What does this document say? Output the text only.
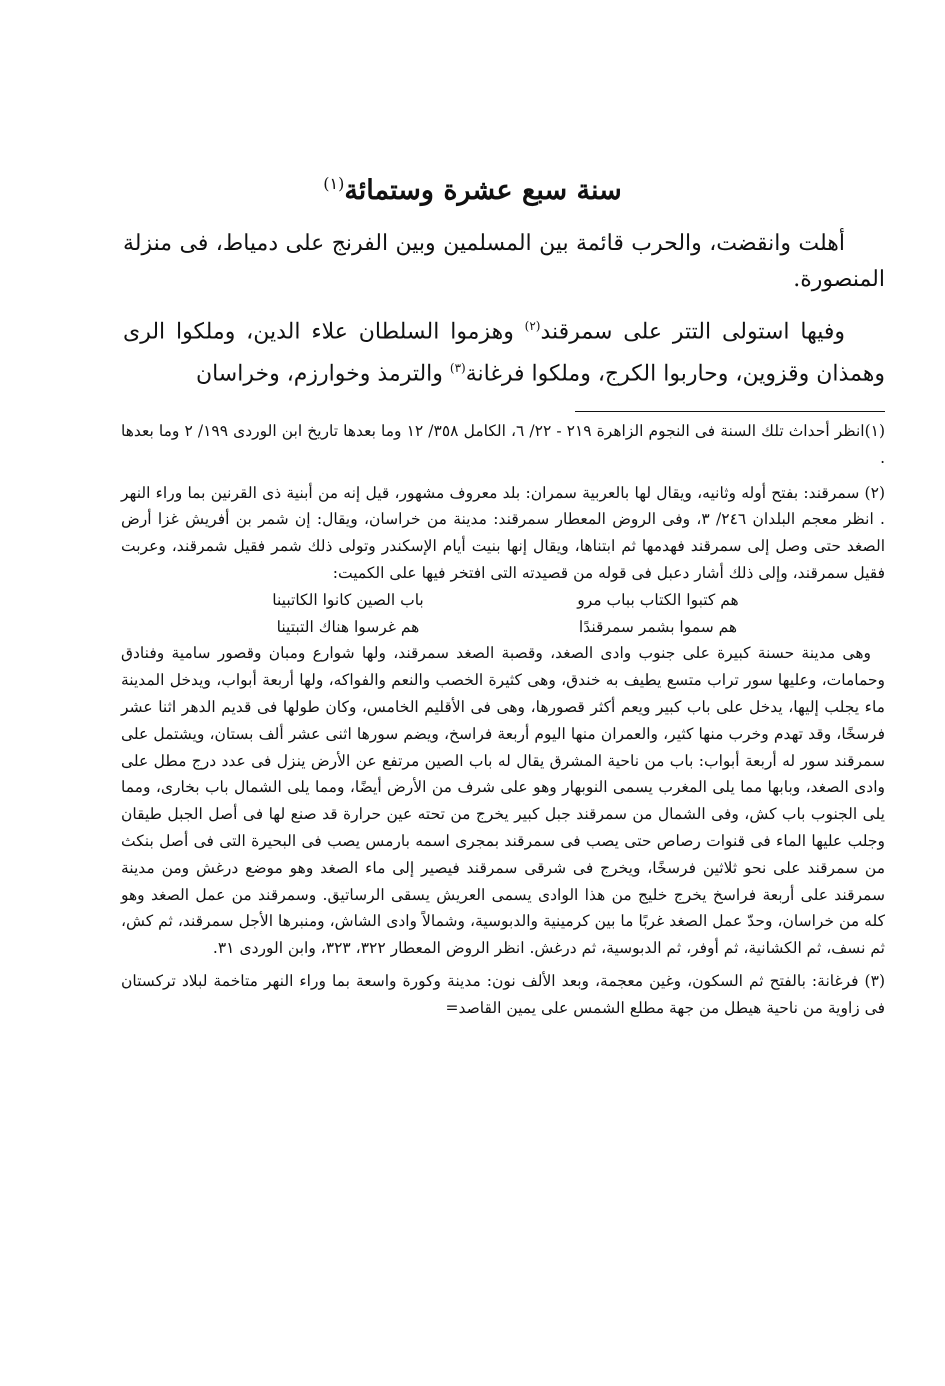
سنة سبع عشرة وستمائة$^{(١)}$

أهلت وانقضت، والحرب قائمة بين المسلمين وبين الفرنج على دمياط، فى منزلة المنصورة.

وفيها استولى التتر على سمرقند$^{(٢)}$ وهزموا السلطان علاء الدين، وملكوا الرى وهمذان وقزوين، وحاربوا الكرج، وملكوا فرغانة$^{(٣)}$ والترمذ وخوارزم، وخراسان

(١)انظر أحداث تلك السنة فى النجوم الزاهرة ٢١٩ - ٢٢/ ٦، الكامل ٣٥٨/ ١٢ وما بعدها تاريخ ابن الوردى ١٩٩/ ٢ وما بعدها .

(٢) سمرقند: بفتح أوله وثانيه، ويقال لها بالعربية سمران: بلد معروف مشهور، قيل إنه من أبنية ذى القرنين بما وراء النهر . انظر معجم البلدان ٢٤٦/ ٣، وفى الروض المعطار سمرقند: مدينة من خراسان، ويقال: إن شمر بن أفريش غزا أرض الصغد حتى وصل إلى سمرقند فهدمها ثم ابتناها، ويقال إنها بنيت أيام الإسكندر وتولى ذلك شمر فقيل شمرقند، وعربت فقيل سمرقند، وإلى ذلك أشار دعبل فى قوله من قصيدته التى افتخر فيها على الكميت:

هم كتبوا الكتاب بباب مرو
باب الصين كانوا الكاتبينا
هم سموا بشمر سمرقندًا
هم غرسوا هناك التبتينا

وهى مدينة حسنة كبيرة على جنوب وادى الصغد، وقصبة الصغد سمرقند، ولها شوارع ومبان وقصور سامية وفنادق وحمامات، وعليها سور تراب متسع يطيف به خندق، وهى كثيرة الخصب والنعم والفواكه، ولها أربعة أبواب، ويدخل المدينة ماء يجلب إليها، يدخل على باب كبير ويعم أكثر قصورها، وهى فى الأقليم الخامس، وكان طولها فى قديم الدهر اثنا عشر فرسخًا، وقد تهدم وخرب منها كثير، والعمران منها اليوم أربعة فراسخ، ويضم سورها اثنى عشر ألف بستان، ويشتمل على سمرقند سور له أربعة أبواب: باب من ناحية المشرق يقال له باب الصين مرتفع عن الأرض ينزل فى عدد درج مطل على وادى الصغد، وبابها مما يلى المغرب يسمى النوبهار وهو على شرف من الأرض أيضًا، ومما يلى الشمال باب بخارى، ومما يلى الجنوب باب كش، وفى الشمال من سمرقند جبل كبير يخرج من تحته عين حرارة قد صنع لها فى أصل الجبل طيقان وجلب عليها الماء فى قنوات رصاص حتى يصب فى سمرقند بمجرى اسمه بارمس يصب فى البحيرة التى فى أصل بنكث من سمرقند على نحو ثلاثين فرسخًا، ويخرج فى شرقى سمرقند فيصير إلى ماء الصغد وهو موضع درغش ومن مدينة سمرقند على أربعة فراسخ يخرج خليج من هذا الوادى يسمى العريش يسقى الرساتيق. وسمرقند من عمل الصغد وهو كله من خراسان، وحدّ عمل الصغد غربًا ما بين كرمينية والدبوسية، وشمالاً وادى الشاش، ومنبرها الأجل سمرقند، ثم كش، ثم نسف، ثم الكشانية، ثم أوفر، ثم الدبوسية، ثم درغش. انظر الروض المعطار ٣٢٢، ٣٢٣، وابن الوردى ٣١.

(٣) فرغانة: بالفتح ثم السكون، وغين معجمة، وبعد الألف نون: مدينة وكورة واسعة بما وراء النهر متاخمة لبلاد تركستان فى زاوية من ناحية هيطل من جهة مطلع الشمس على يمين القاصد=
